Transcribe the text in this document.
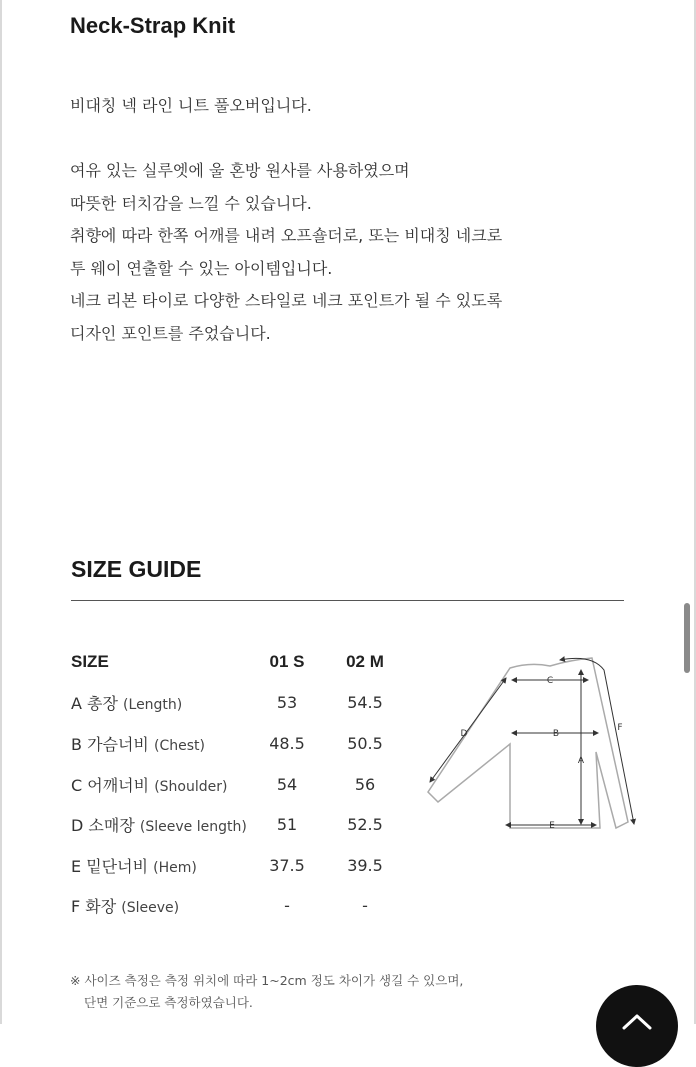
Neck-Strap Knit

비대칭 넥 라인 니트 풀오버입니다.

여유 있는 실루엣에 울 혼방 원사를 사용하였으며

따뜻한 터치감을 느낄 수 있습니다.

취향에 따라 한쪽 어깨를 내려 오프숄더로, 또는 비대칭 네크로

투 웨이 연출할 수 있는 아이템입니다.

네크 리본 타이로 다양한 스타일로 네크 포인트가 될 수 있도록

디자인 포인트를 주었습니다.

SIZE GUIDE
SIZE	01 S	02 M
A 총장 (Length)	53	54.5
B 가슴너비 (Chest)	48.5	50.5
C 어깨너비 (Shoulder)	54	56
D 소매장 (Sleeve length)	51	52.5
E 밑단너비 (Hem)	37.5	39.5
F 화장 (Sleeve)	-	-
C
B
E
A
D
F

※ 사이즈 측정은 측정 위치에 따라 1~2cm 정도 차이가 생길 수 있으며,

단면 기준으로 측정하였습니다.
